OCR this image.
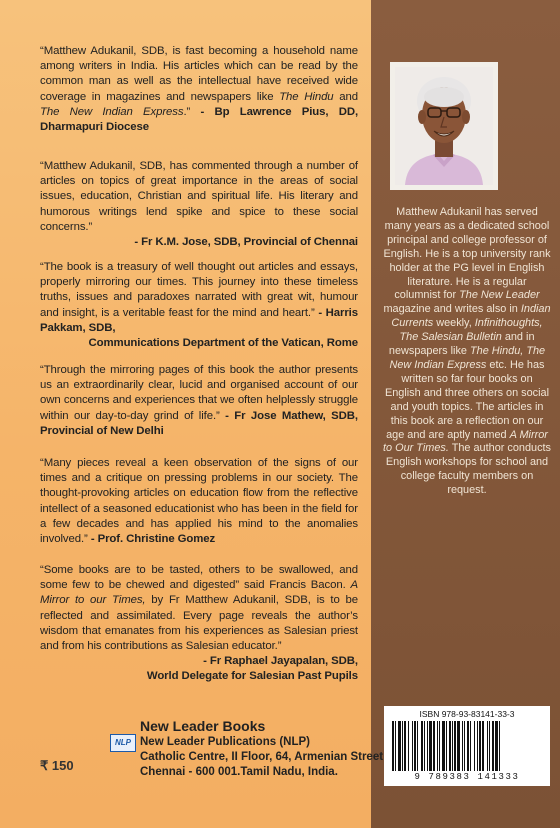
“Matthew Adukanil, SDB, is fast becoming a household name among writers in India. His articles which can be read by the common man as well as the intellectual have received wide coverage in magazines and newspapers like The Hindu and The New Indian Express.” - Bp Lawrence Pius, DD, Dharmapuri Diocese
“Matthew Adukanil, SDB, has commented through a number of articles on topics of great importance in the areas of social issues, education, Christian and spiritual life. His literary and humorous writings lend spike and spice to these social concerns.”
- Fr K.M. Jose, SDB, Provincial of Chennai
“The book is a treasury of well thought out articles and essays, properly mirroring our times. This journey into these timeless truths, issues and paradoxes narrated with great wit, humour and insight, is a veritable feast for the mind and heart.” - Harris Pakkam, SDB,
Communications Department of the Vatican, Rome
“Through the mirroring pages of this book the author presents us an extraordinarily clear, lucid and organised account of our own concerns and experiences that we often helplessly struggle within our day-to-day grind of life.” - Fr Jose Mathew, SDB, Provincial of New Delhi
“Many pieces reveal a keen observation of the signs of our times and a critique on pressing problems in our society. The thought-provoking articles on education flow from the reflective intellect of a seasoned educationist who has been in the field for a few decades and has applied his mind to the anomalies involved.” - Prof. Christine Gomez
“Some books are to be tasted, others to be swallowed, and some few to be chewed and digested” said Francis Bacon. A Mirror to our Times, by Fr Matthew Adukanil, SDB, is to be reflected and assimilated. Every page reveals the author’s wisdom that emanates from his experiences as Salesian priest and from his contributions as Salesian educator.”
- Fr Raphael Jayapalan, SDB,
World Delegate for Salesian Past Pupils
Matthew Adukanil has served many years as a dedicated school principal and college professor of English. He is a top university rank holder at the PG level in English literature. He is a regular columnist for The New Leader magazine and writes also in Indian Currents weekly, Infinithoughts, The Salesian Bulletin and in newspapers like The Hindu, The New Indian Express etc. He has written so far four books on English and three others on social and youth topics. The articles in this book are a reflection on our age and are aptly named A Mirror to Our Times. The author conducts English workshops for school and college faculty members on request.
ISBN 978-93-83141-33-3
9 789383 141333
New Leader Books
NLP New Leader Publications (NLP)
Catholic Centre, II Floor, 64, Armenian Street
Chennai - 600 001.Tamil Nadu, India.
₹ 150
